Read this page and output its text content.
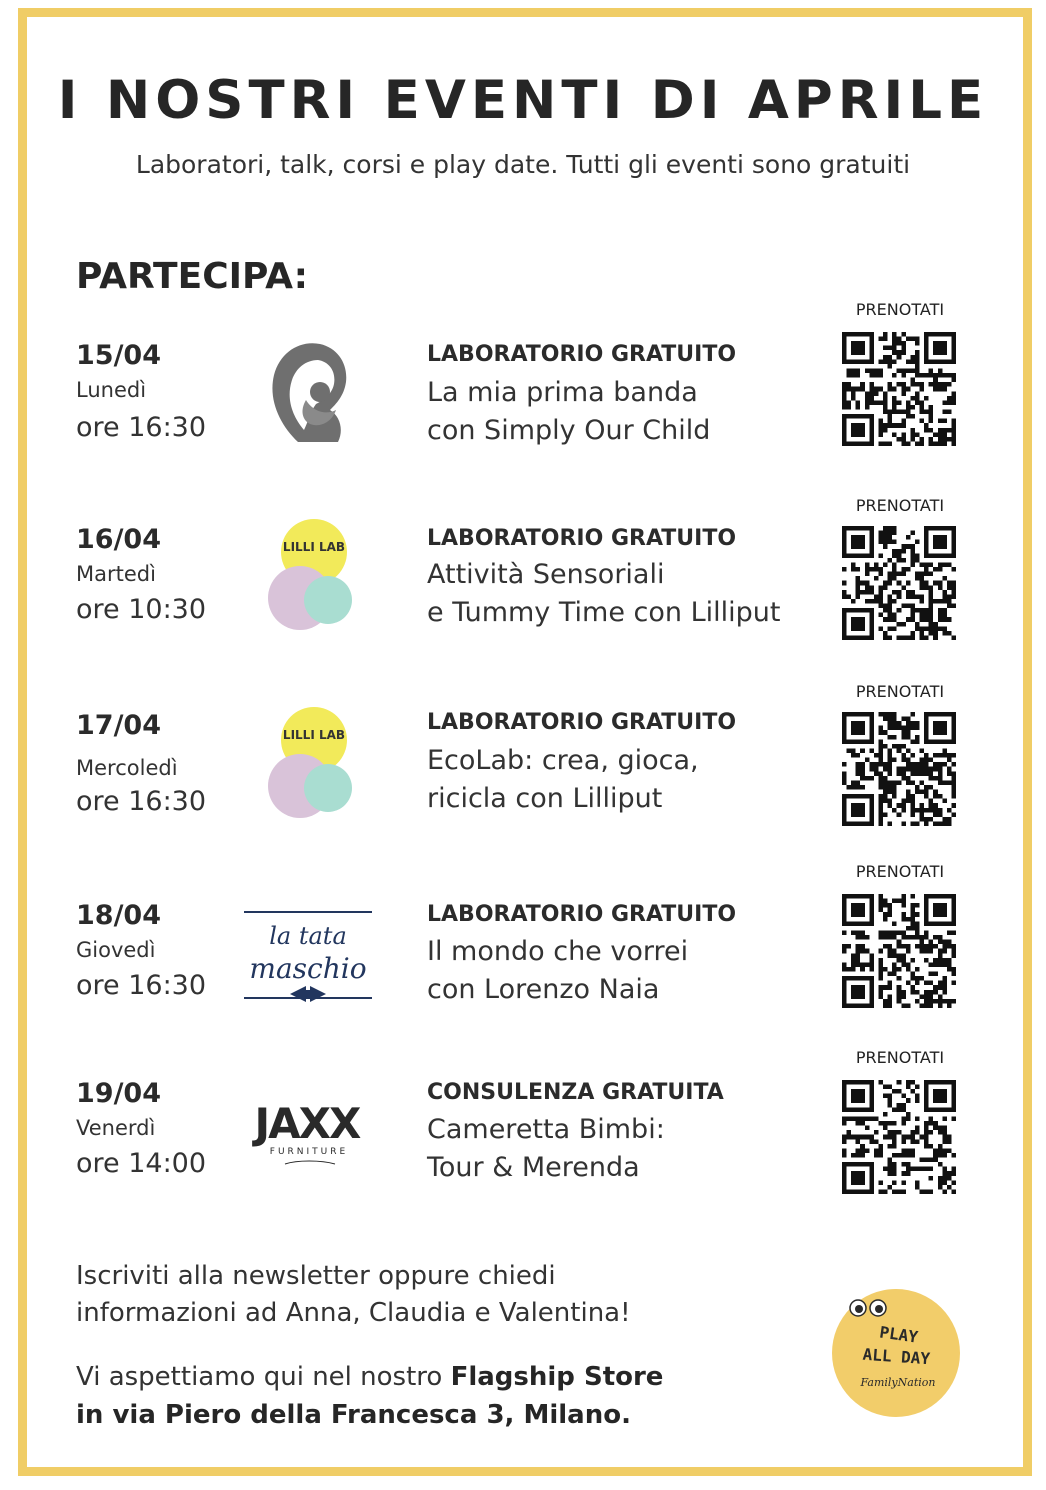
I NOSTRI EVENTI DI APRILE

Laboratori, talk, corsi e play date. Tutti gli eventi sono gratuiti

PARTECIPA:
15/04
Lunedì
ore 16:30
LABORATORIO GRATUITO
La mia prima banda
con Simply Our Child
PRENOTATI
16/04
Martedì
ore 10:30
LILLI LAB	LABORATORIO GRATUITO
Attività Sensoriali
e Tummy Time con Lilliput
PRENOTATI
17/04
Mercoledì
ore 16:30
LILLI LAB	LABORATORIO GRATUITO
EcoLab: crea, gioca,
ricicla con Lilliput
PRENOTATI
18/04
Giovedì
ore 16:30
la tata
maschio
LABORATORIO GRATUITO
Il mondo che vorrei
con Lorenzo Naia
PRENOTATI
19/04
Venerdì
ore 14:00
JAXX
FURNITURE
CONSULENZA GRATUITA
Cameretta Bimbi:
Tour & Merenda
PRENOTATI
Iscriviti alla newsletter oppure chiedi
informazioni ad Anna, Claudia e Valentina!
Vi aspettiamo qui nel nostro Flagship Store
in via Piero della Francesca 3, Milano.
PLAY
ALL DAY
FamilyNation
